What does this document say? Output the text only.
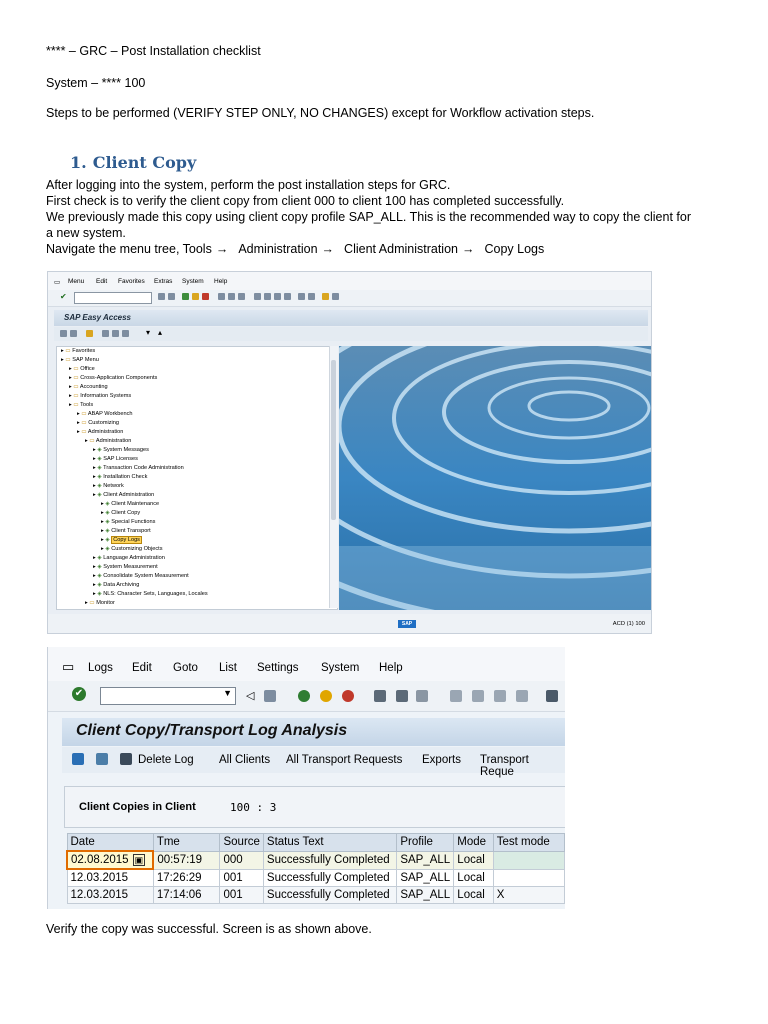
**** – GRC – Post Installation checklist

System – **** 100

Steps to be performed (VERIFY STEP ONLY, NO CHANGES) except for Workflow activation steps.

1. Client Copy

After logging into the system, perform the post installation steps for GRC.

First check is to verify the client copy from client 000 to client 100 has completed successfully.

We previously made this copy using client copy profile SAP_ALL. This is the recommended way to copy the client for

a new system.

Navigate the menu tree, Tools → Administration → Client Administration → Copy Logs

▭ Menu Edit Favorites Extras System Help
✔
SAP Easy Access
▾ ▴
▸ ▭ Favorites
▸ ▭ SAP Menu
▸ ▭ Office
▸ ▭ Cross-Application Components
▸ ▭ Accounting
▸ ▭ Information Systems
▸ ▭ Tools
▸ ▭ ABAP Workbench
▸ ▭ Customizing
▸ ▭ Administration
▸ ▭ Administration
▸ ◈ System Messages
▸ ◈ SAP Licenses
▸ ◈ Transaction Code Administration
▸ ◈ Installation Check
▸ ◈ Network
▸ ◈ Client Administration
▸ ◈ Client Maintenance
▸ ◈ Client Copy
▸ ◈ Special Functions
▸ ◈ Client Transport
▸ ◈ Copy Logs
▸ ◈ Customizing Objects
▸ ◈ Language Administration
▸ ◈ System Measurement
▸ ◈ Consolidate System Measurement
▸ ◈ Data Archiving
▸ ◈ NLS: Character Sets, Languages, Locales
▸ ▭ Monitor
SAP	ACD (1) 100
▭ Logs Edit Goto List Settings System Help
✔	▼ ◁
Client Copy/Transport Log Analysis
Delete Log All Clients All Transport Requests Exports Transport Reque
Client Copies in Client	100 : 3
Date	Tme	Source	Status Text	Profile	Mode	Test mode
02.08.2015 ▣	00:57:19	000	Successfully Completed	SAP_ALL	Local	
12.03.2015	17:26:29	001	Successfully Completed	SAP_ALL	Local	
12.03.2015	17:14:06	001	Successfully Completed	SAP_ALL	Local	X

Verify the copy was successful. Screen is as shown above.
